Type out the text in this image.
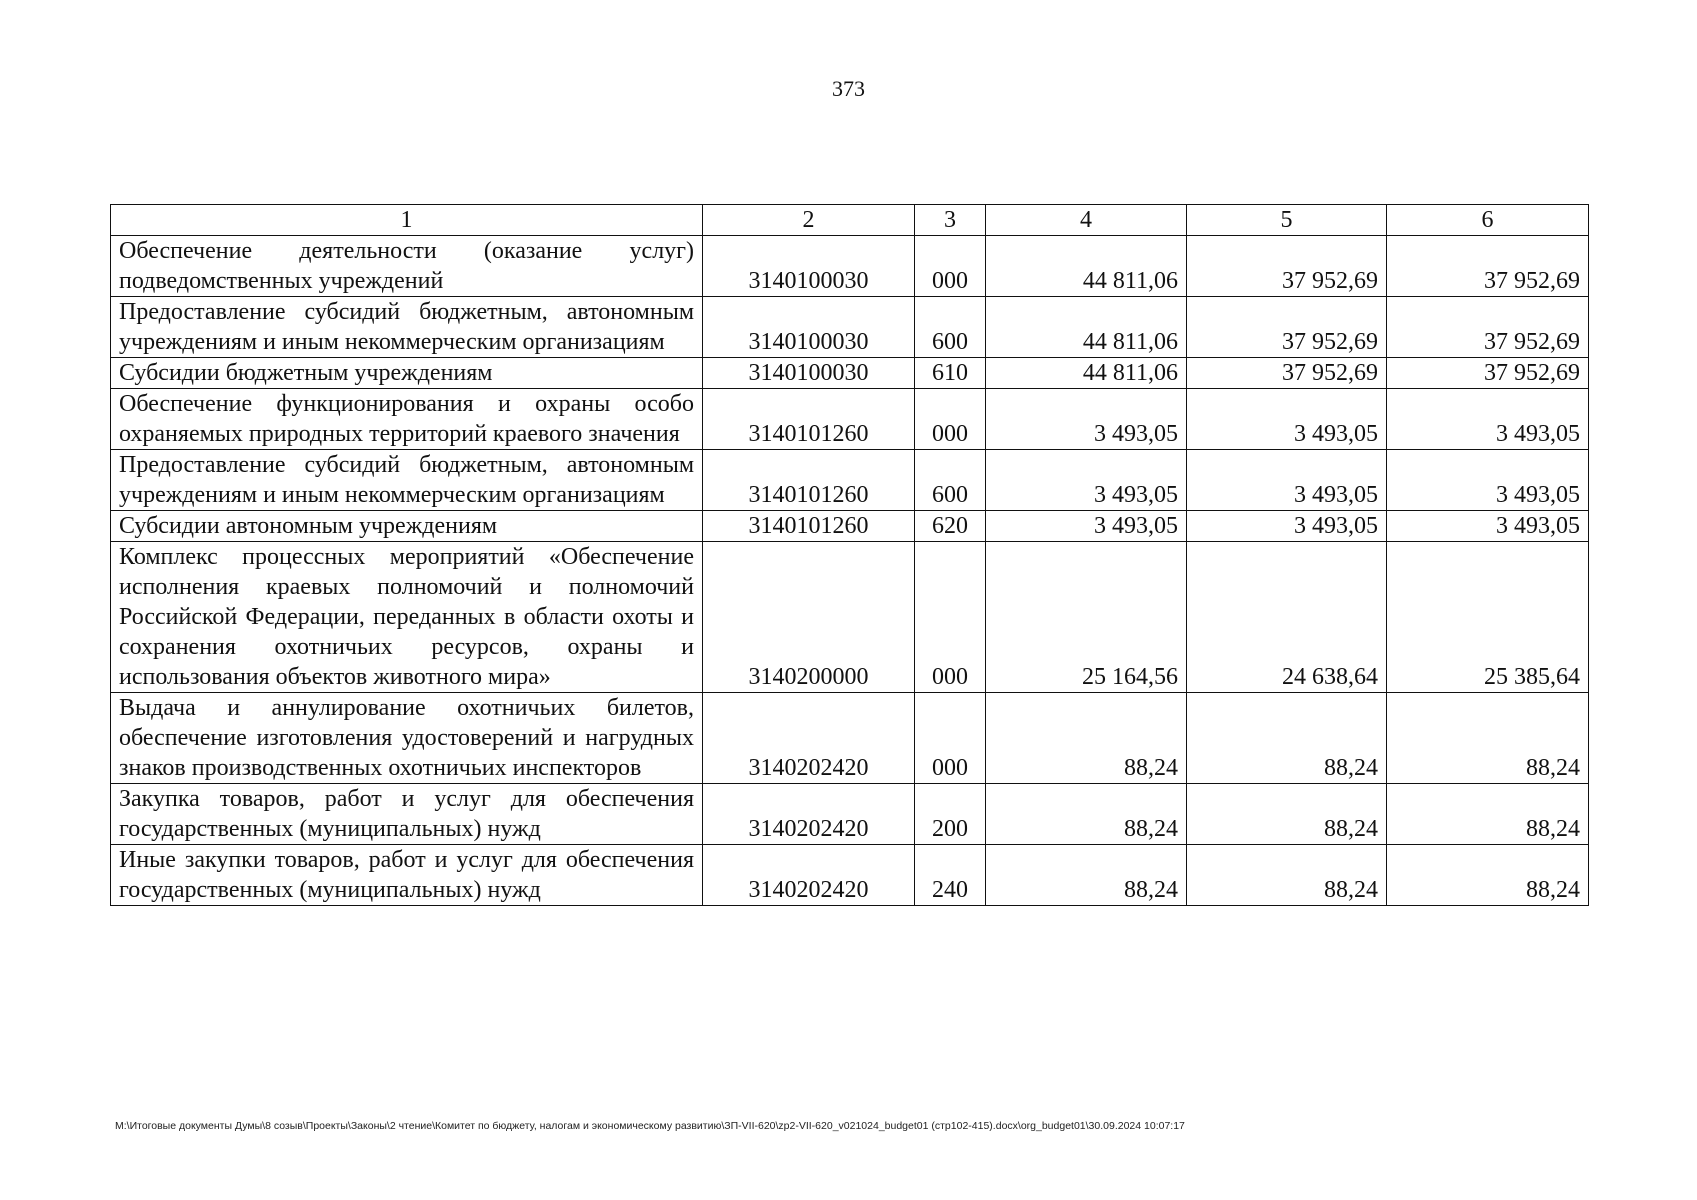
373
1	2	3	4	5	6
Обеспечение деятельности (оказание услуг) подведомственных учреждений	3140100030	000	44 811,06	37 952,69	37 952,69
Предоставление субсидий бюджетным, автономным учреждениям и иным некоммерческим организациям	3140100030	600	44 811,06	37 952,69	37 952,69
Субсидии бюджетным учреждениям	3140100030	610	44 811,06	37 952,69	37 952,69
Обеспечение функционирования и охраны особо охраняемых природных территорий краевого значения	3140101260	000	3 493,05	3 493,05	3 493,05
Предоставление субсидий бюджетным, автономным учреждениям и иным некоммерческим организациям	3140101260	600	3 493,05	3 493,05	3 493,05
Субсидии автономным учреждениям	3140101260	620	3 493,05	3 493,05	3 493,05
Комплекс процессных мероприятий «Обеспечение исполнения краевых полномочий и полномочий Российской Федерации, переданных в области охоты и сохранения охотничьих ресурсов, охраны и использования объектов животного мира»	3140200000	000	25 164,56	24 638,64	25 385,64
Выдача и аннулирование охотничьих билетов, обеспечение изготовления удостоверений и нагрудных знаков производственных охотничьих инспекторов	3140202420	000	88,24	88,24	88,24
Закупка товаров, работ и услуг для обеспечения государственных (муниципальных) нужд	3140202420	200	88,24	88,24	88,24
Иные закупки товаров, работ и услуг для обеспечения государственных (муниципальных) нужд	3140202420	240	88,24	88,24	88,24
M:\Итоговые документы Думы\8 созыв\Проекты\Законы\2 чтение\Комитет по бюджету, налогам и экономическому развитию\ЗП-VII-620\zp2-VII-620_v021024_budget01 (стр102-415).docx\org_budget01\30.09.2024 10:07:17
